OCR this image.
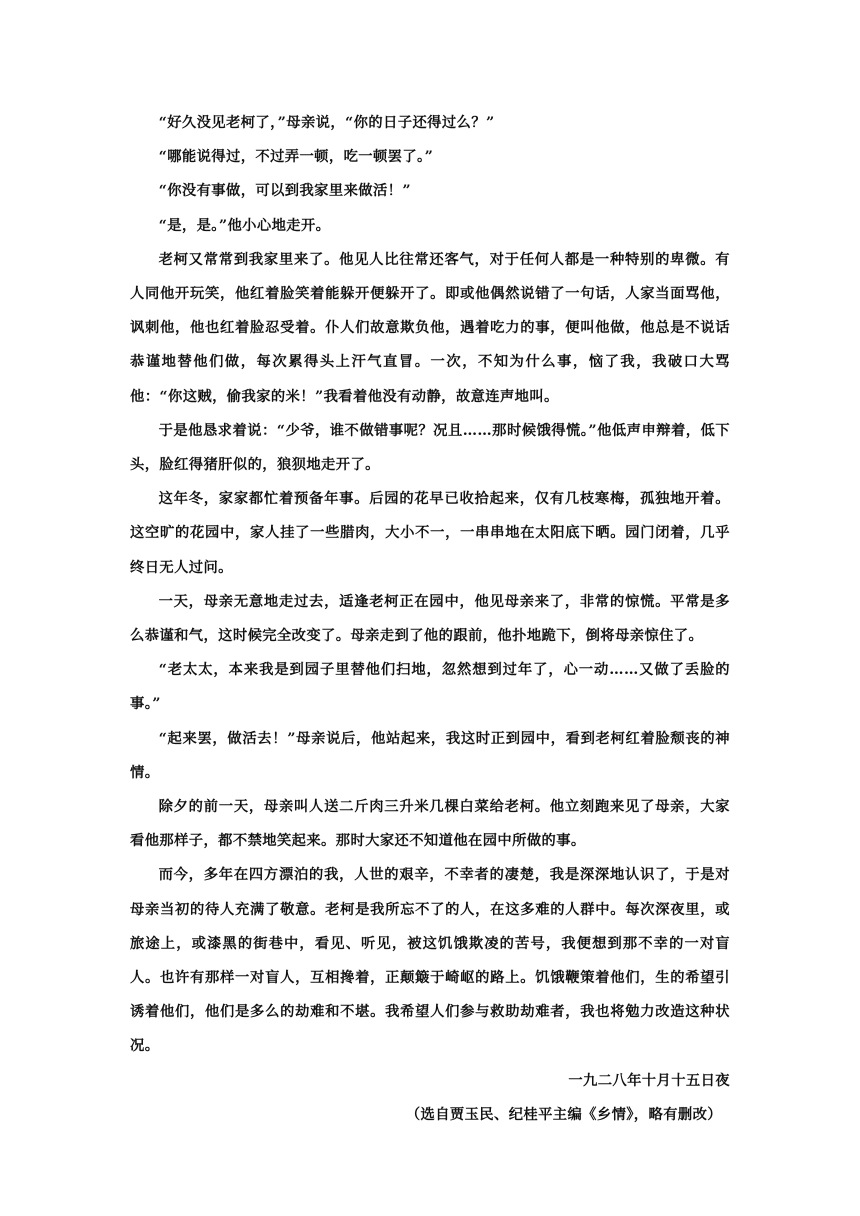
“好久没见老柯了，”母亲说，“你的日子还得过么？”

“哪能说得过，不过弄一顿，吃一顿罢了。”

“你没有事做，可以到我家里来做活！”

“是，是。”他小心地走开。

老柯又常常到我家里来了。他见人比往常还客气，对于任何人都是一种特别的卑微。有人同他开玩笑，他红着脸笑着能躲开便躲开了。即或他偶然说错了一句话，人家当面骂他，讽刺他，他也红着脸忍受着。仆人们故意欺负他，遇着吃力的事，便叫他做，他总是不说话恭谨地替他们做，每次累得头上汗气直冒。一次，不知为什么事，恼了我，我破口大骂他：“你这贼，偷我家的米！”我看着他没有动静，故意连声地叫。

于是他恳求着说：“少爷，谁不做错事呢？况且……那时候饿得慌。”他低声申辩着，低下头，脸红得猪肝似的，狼狈地走开了。

这年冬，家家都忙着预备年事。后园的花早已收拾起来，仅有几枝寒梅，孤独地开着。这空旷的花园中，家人挂了一些腊肉，大小不一，一串串地在太阳底下晒。园门闭着，几乎终日无人过问。

一天，母亲无意地走过去，适逢老柯正在园中，他见母亲来了，非常的惊慌。平常是多么恭谨和气，这时候完全改变了。母亲走到了他的跟前，他扑地跪下，倒将母亲惊住了。

“老太太，本来我是到园子里替他们扫地，忽然想到过年了，心一动……又做了丢脸的事。”

“起来罢，做活去！”母亲说后，他站起来，我这时正到园中，看到老柯红着脸颓丧的神情。

除夕的前一天，母亲叫人送二斤肉三升米几棵白菜给老柯。他立刻跑来见了母亲，大家看他那样子，都不禁地笑起来。那时大家还不知道他在园中所做的事。

而今，多年在四方漂泊的我，人世的艰辛，不幸者的凄楚，我是深深地认识了，于是对母亲当初的待人充满了敬意。老柯是我所忘不了的人，在这多难的人群中。每次深夜里，或旅途上，或漆黑的街巷中，看见、听见，被这饥饿欺凌的苦号，我便想到那不幸的一对盲人。也许有那样一对盲人，互相搀着，正颠簸于崎岖的路上。饥饿鞭策着他们，生的希望引诱着他们，他们是多么的劫难和不堪。我希望人们参与救助劫难者，我也将勉力改造这种状况。

一九二八年十月十五日夜

（选自贾玉民、纪桂平主编《乡情》，略有删改）
